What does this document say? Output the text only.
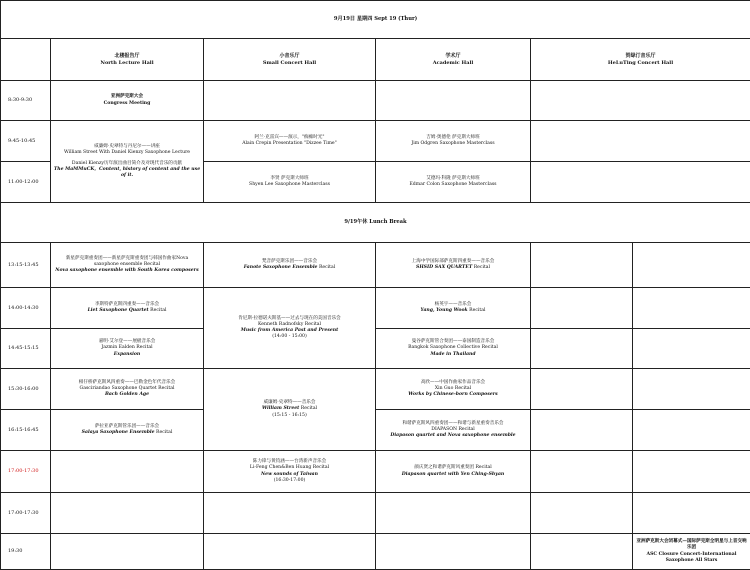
9月19日 星期四 Sept 19 (Thur)					

	北楼报告厅
North Lecture Hall	小音乐厅
Small Concert Hall	学术厅
Academic Hall	贺绿汀音乐厅
HeLuTing Concert Hall	

8:30-9:30	亚洲萨克斯大会
Congress Meeting				

9:45-10:45	威廉姆·史翠特与丹尼尔——讲座
William Street With Daniel Kienzy Saxophone Lecture
Daniel Kienzy历年演出曲目简介及对现代音乐的贡献
The MaMMuCK，Content, history of content and the use of it.	阿兰·克雷宾——演示，"痴痴时光"
Alain Crepin Presentation "Dizzee Time"	吉姆·奥德伦 萨克斯大师班
Jim Odgren Saxophone Masterclass		

11:00-12:00		李贤 萨克斯大师班
Shyen Lee Saxophone Masterclass	艾德玛·科隆 萨克斯大师班
Edmar Colon Saxophone Masterclass		

9/19午休 Lunch Break					
13:15-13:45	新星萨克斯重奏团——新星萨克斯重奏团与韩国作曲家Nova
saxophone ensemble Recital
Nova saxophone ensemble with South Korea composers	梵音萨克斯乐团——音乐会
Fanote Saxophone Ensemble Recital	上海中学国际部萨克斯四重奏——音乐会
SHSID SAX QUARTET Recital		

14:00-14:30	李斯特萨克斯四重奏——音乐会
Liet Saxophone Quartet Recital	肯尼斯·拉德诺夫斯基——过去与现在的美国音乐会
Kenneth Radnofsky Recital
Music from America Past and Present
(14:00 - 15:00)	杨英宇——音乐会
Yang, Young Wook Recital		

14:45-15:15	嘉明·艾尔登——展板音乐会
Jazmin Ealden Recital
Expansion		曼谷萨克斯管合奏团——泰国制造音乐会
Bangkok Saxophone Collective Recital
Made in Thailand		

15:30-16:00	相仔桥萨克斯风四重奏——巴勒金色年代音乐会
Gasciriandao Saxophone Quartet Recital
Bach Golden Age	威廉姆·史翠特——音乐会
William Street Recital
(15:15 - 16:15)	高欣——中国作曲家作品音乐会
Xin Guo Recital
Works by Chinese-born Composers		

16:15-16:45	萨拉亚萨克斯管乐团——音乐会
Salaya Saxophone Ensemble Recital		和谐萨克斯风四重奏团——和谐与新星重奏音乐会
DIAPASON Recital
Diapason quartet and Nova saxophone ensemble		

17:00-17:30		陈力锋与黄钧涵——台湾新声音乐会
Li-Feng Chen&Ben Huang Recital
New sounds of Taiwan
(16:30-17:00)	颜庆贤之和谐萨克斯风重奏团 Recital
Diapason quartet with Yen Ching-Shyan		

17:00-17:30					
19:30					亚洲萨克斯大会闭幕式—国际萨克斯全明星与上音交响乐团
ASC Closure Concert-International Saxophone All Stars
